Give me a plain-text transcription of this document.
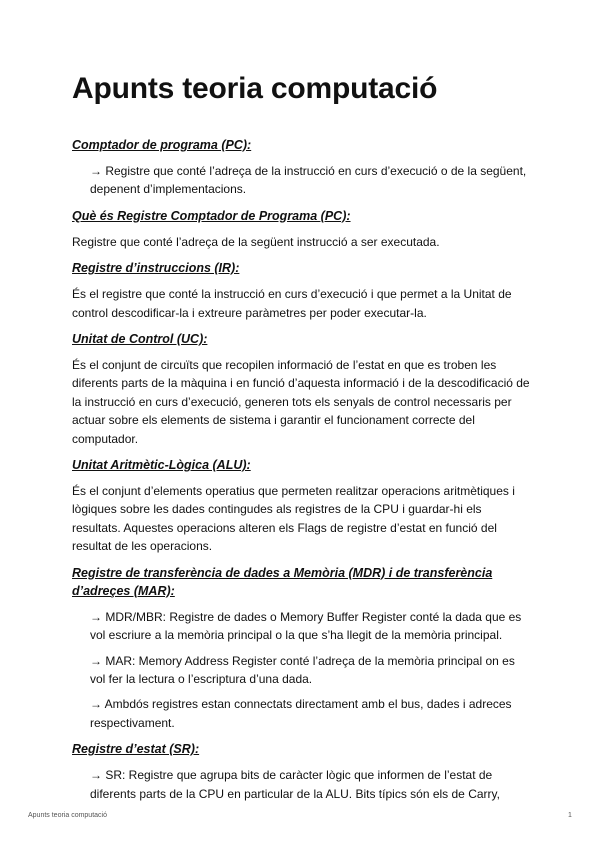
Apunts teoria computació
Comptador de programa (PC):
→ Registre que conté l’adreça de la instrucció en curs d’execució o de la següent, depenent d’implementacions.
Què és Registre Comptador de Programa (PC):
Registre que conté l’adreça de la següent instrucció a ser executada.
Registre d’instruccions (IR):
És el registre que conté la instrucció en curs d’execució i que permet a la Unitat de control descodificar-la i extreure paràmetres per poder executar-la.
Unitat de Control (UC):
És el conjunt de circuïts que recopilen informació de l’estat en que es troben les diferents parts de la màquina i en funció d’aquesta informació i de la descodificació de la instrucció en curs d’execució, generen tots els senyals de control necessaris per actuar sobre els elements de sistema i garantir el funcionament correcte del computador.
Unitat Aritmètic-Lògica (ALU):
És el conjunt d’elements operatius que permeten realitzar operacions aritmètiques i lògiques sobre les dades contingudes als registres de la CPU i guardar-hi els resultats. Aquestes operacions alteren els Flags de registre d’estat en funció del resultat de les operacions.
Registre de transferència de dades a Memòria (MDR) i de transferència d’adreçes (MAR):
→ MDR/MBR: Registre de dades o Memory Buffer Register conté la dada que es vol escriure a la memòria principal o la que s’ha llegit de la memòria principal.
→ MAR: Memory Address Register conté l’adreça de la memòria principal on es vol fer la lectura o l’escriptura d’una dada.
→ Ambdós registres estan connectats directament amb el bus, dades i adreces respectivament.
Registre d’estat (SR):
→ SR: Registre que agrupa bits de caràcter lògic que informen de l’estat de diferents parts de la CPU en particular de la ALU. Bits típics són els de Carry,
Apunts teoria computació	1
